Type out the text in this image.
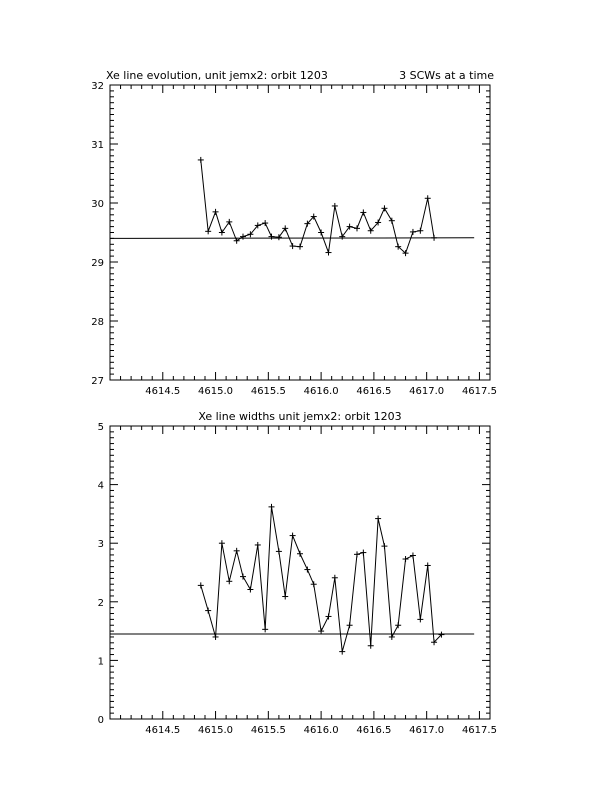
4614.5 4615.0 4615.5 4616.0 4616.5 4617.0 4617.5
27
28
29
30
31
32
Xe line evolution, unit jemx2: orbit 1203	3 SCWs at a time
4614.5 4615.0 4615.5 4616.0 4616.5 4617.0 4617.5
0
1
2
3
4
5
Xe line widths unit jemx2: orbit 1203
